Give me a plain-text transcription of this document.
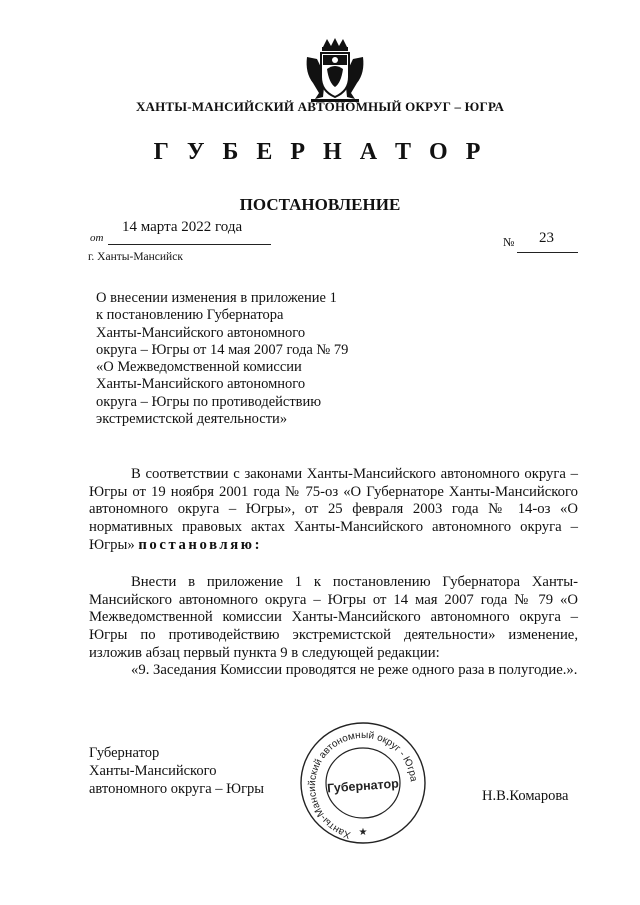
ХАНТЫ-МАНСИЙСКИЙ АВТОНОМНЫЙ ОКРУГ – ЮГРА
Г У Б Е Р Н А Т О Р
ПОСТАНОВЛЕНИЕ
от
14 марта 2022 года
№ 23
г. Ханты-Мансийск
О внесении изменения в приложение 1
к постановлению Губернатора
Ханты-Мансийского автономного
округа – Югры от 14 мая 2007 года № 79
«О Межведомственной комиссии
Ханты-Мансийского автономного
округа – Югры по противодействию
экстремистской деятельности»
В соответствии с законами Ханты-Мансийского автономного округа – Югры от 19 ноября 2001 года № 75-оз «О Губернаторе Ханты-Мансийского автономного округа – Югры», от 25 февраля 2003 года № 14-оз «О нормативных правовых актах Ханты-Мансийского автономного округа – Югры» постановляю:
Внести в приложение 1 к постановлению Губернатора Ханты-Мансийского автономного округа – Югры от 14 мая 2007 года № 79 «О Межведомственной комиссии Ханты-Мансийского автономного округа – Югры по противодействию экстремистской деятельности» изменение, изложив абзац первый пункта 9 в следующей редакции:
«9. Заседания Комиссии проводятся не реже одного раза в полугодие.».
Губернатор
Ханты-Мансийского
автономного округа – Югры
Ханты-Мансийский автономный округ - Югра
Губернатор
★
Н.В.Комарова
